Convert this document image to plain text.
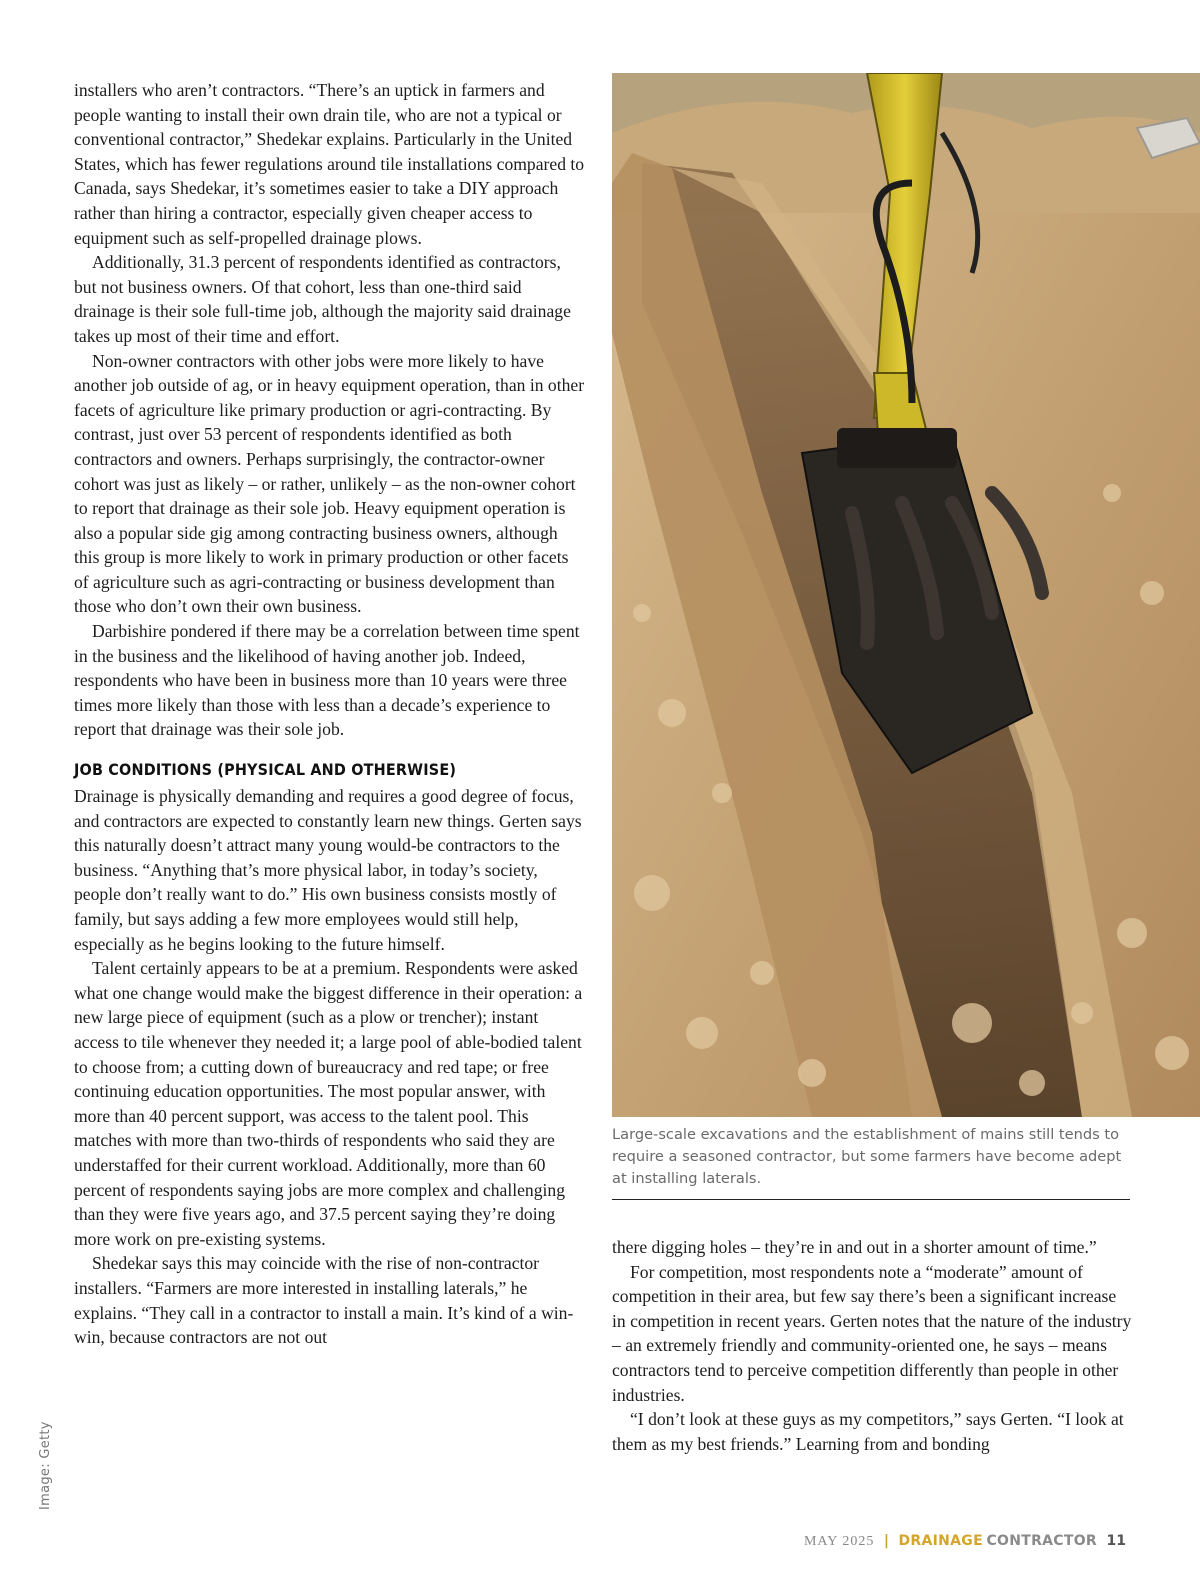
installers who aren’t contractors. “There’s an uptick in farmers and people wanting to install their own drain tile, who are not a typical or conventional contractor,” Shedekar explains. Particularly in the United States, which has fewer regulations around tile installations compared to Canada, says Shedekar, it’s sometimes easier to take a DIY approach rather than hiring a contractor, especially given cheaper access to equipment such as self-propelled drainage plows.

Additionally, 31.3 percent of respondents identified as contractors, but not business owners. Of that cohort, less than one-third said drainage is their sole full-time job, although the majority said drainage takes up most of their time and effort.

Non-owner contractors with other jobs were more likely to have another job outside of ag, or in heavy equipment operation, than in other facets of agriculture like primary production or agri-contracting. By contrast, just over 53 percent of respondents identified as both contractors and owners. Perhaps surprisingly, the contractor-owner cohort was just as likely – or rather, unlikely – as the non-owner cohort to report that drainage as their sole job. Heavy equipment operation is also a popular side gig among contracting business owners, although this group is more likely to work in primary production or other facets of agriculture such as agri-contracting or business development than those who don’t own their own business.

Darbishire pondered if there may be a correlation between time spent in the business and the likelihood of having another job. Indeed, respondents who have been in business more than 10 years were three times more likely than those with less than a decade’s experience to report that drainage was their sole job.

JOB CONDITIONS (PHYSICAL AND OTHERWISE)

Drainage is physically demanding and requires a good degree of focus, and contractors are expected to constantly learn new things. Gerten says this naturally doesn’t attract many young would-be contractors to the business. “Anything that’s more physical labor, in today’s society, people don’t really want to do.” His own business consists mostly of family, but says adding a few more employees would still help, especially as he begins looking to the future himself.

Talent certainly appears to be at a premium. Respondents were asked what one change would make the biggest difference in their operation: a new large piece of equipment (such as a plow or trencher); instant access to tile whenever they needed it; a large pool of able-bodied talent to choose from; a cutting down of bureaucracy and red tape; or free continuing education opportunities. The most popular answer, with more than 40 percent support, was access to the talent pool. This matches with more than two-thirds of respondents who said they are understaffed for their current workload. Additionally, more than 60 percent of respondents saying jobs are more complex and challenging than they were five years ago, and 37.5 percent saying they’re doing more work on pre-existing systems.

Shedekar says this may coincide with the rise of non-contractor installers. “Farmers are more interested in installing laterals,” he explains. “They call in a contractor to install a main. It’s kind of a win-win, because contractors are not out

Large-scale excavations and the establishment of mains still tends to require a seasoned contractor, but some farmers have become adept at installing laterals.
Image: Getty

there digging holes – they’re in and out in a shorter amount of time.”

For competition, most respondents note a “moderate” amount of competition in their area, but few say there’s been a significant increase in competition in recent years. Gerten notes that the nature of the industry – an extremely friendly and community-oriented one, he says – means contractors tend to perceive competition differently than people in other industries.

“I don’t look at these guys as my competitors,” says Gerten. “I look at them as my best friends.” Learning from and bonding

MAY 2025 | DRAINAGE CONTRACTOR 11
